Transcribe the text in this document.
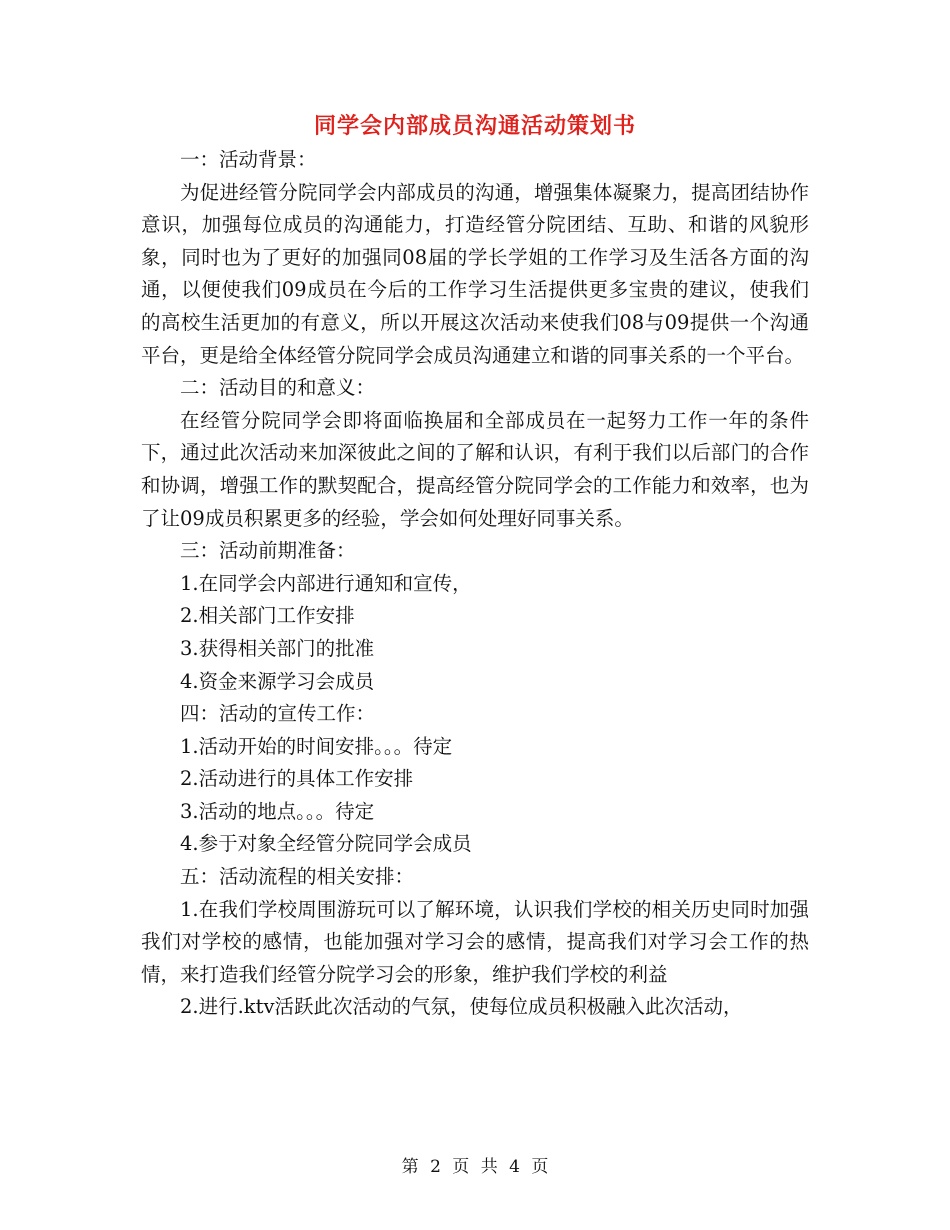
同学会内部成员沟通活动策划书

一：活动背景：

为促进经管分院同学会内部成员的沟通，增强集体凝聚力，提高团结协作意识，加强每位成员的沟通能力，打造经管分院团结、互助、和谐的风貌形象，同时也为了更好的加强同08届的学长学姐的工作学习及生活各方面的沟通，以便使我们09成员在今后的工作学习生活提供更多宝贵的建议，使我们的高校生活更加的有意义，所以开展这次活动来使我们08与09提供一个沟通平台，更是给全体经管分院同学会成员沟通建立和谐的同事关系的一个平台。

二：活动目的和意义：

在经管分院同学会即将面临换届和全部成员在一起努力工作一年的条件下，通过此次活动来加深彼此之间的了解和认识，有利于我们以后部门的合作和协调，增强工作的默契配合，提高经管分院同学会的工作能力和效率，也为了让09成员积累更多的经验，学会如何处理好同事关系。

三：活动前期准备：

1.在同学会内部进行通知和宣传，

2.相关部门工作安排

3.获得相关部门的批准

4.资金来源学习会成员

四：活动的宣传工作：

1.活动开始的时间安排。。。待定

2.活动进行的具体工作安排

3.活动的地点。。。待定

4.参于对象全经管分院同学会成员

五：活动流程的相关安排：

1.在我们学校周围游玩可以了解环境，认识我们学校的相关历史同时加强我们对学校的感情，也能加强对学习会的感情，提高我们对学习会工作的热情，来打造我们经管分院学习会的形象，维护我们学校的利益

2.进行.ktv活跃此次活动的气氛，使每位成员积极融入此次活动，

第 2 页 共 4 页
